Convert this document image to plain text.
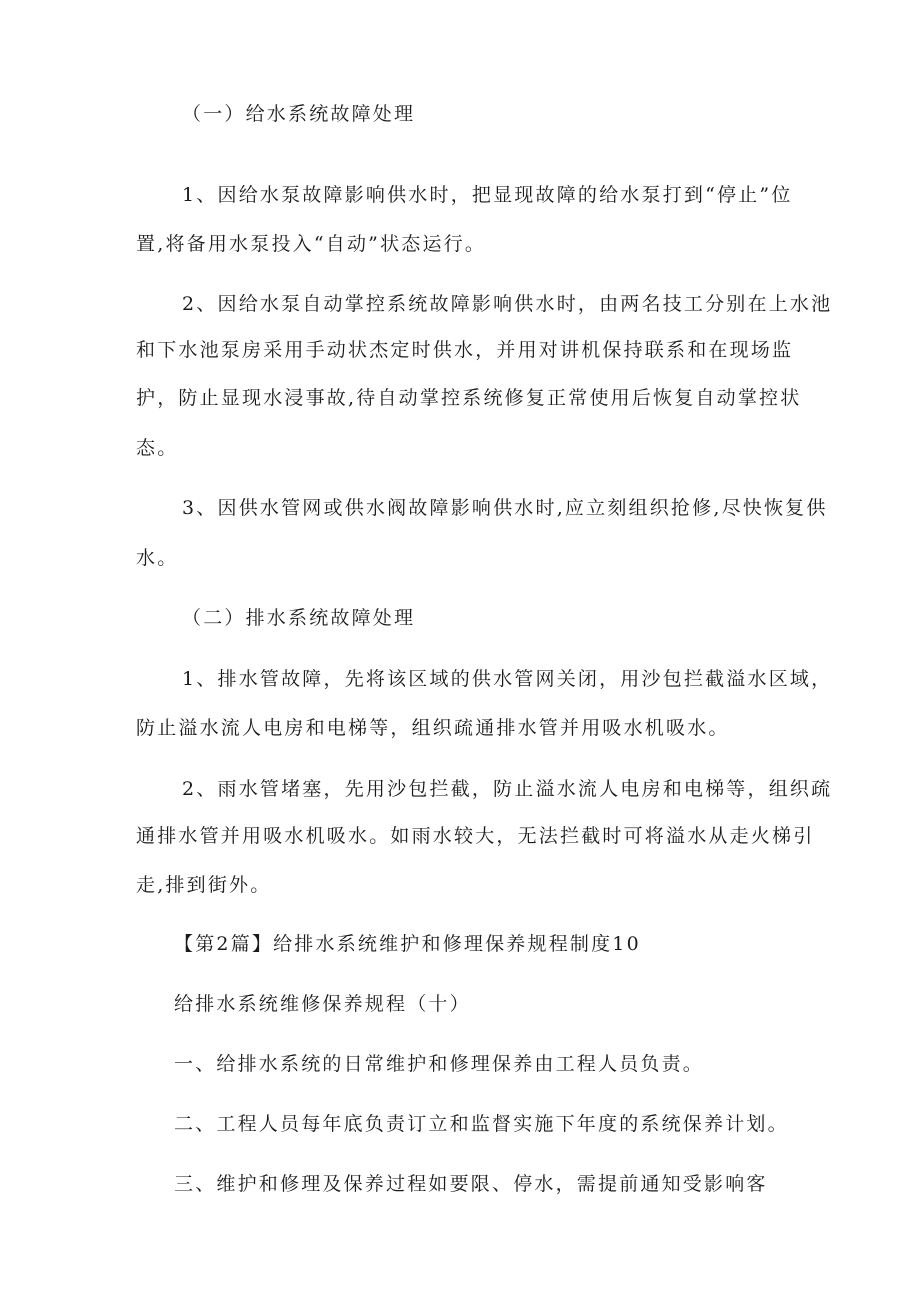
（一）给水系统故障处理
1、因给水泵故障影响供水时，把显现故障的给水泵打到“停止”位
置,将备用水泵投入“自动”状态运行。
2、因给水泵自动掌控系统故障影响供水时，由两名技工分别在上水池
和下水池泵房采用手动状杰定时供水，并用对讲机保持联系和在现场监
护，防止显现水浸事故,待自动掌控系统修复正常使用后恢复自动掌控状
态。
3、因供水管网或供水阀故障影响供水时,应立刻组织抢修,尽快恢复供
水。
（二）排水系统故障处理
1、排水管故障，先将该区域的供水管网关闭，用沙包拦截溢水区域，
防止溢水流人电房和电梯等，组织疏通排水管并用吸水机吸水。
2、雨水管堵塞，先用沙包拦截，防止溢水流人电房和电梯等，组织疏
通排水管并用吸水机吸水。如雨水较大，无法拦截时可将溢水从走火梯引
走,排到街外。
【第2篇】给排水系统维护和修理保养规程制度10
给排水系统维修保养规程（十）
一、给排水系统的日常维护和修理保养由工程人员负责。
二、工程人员每年底负责订立和监督实施下年度的系统保养计划。
三、维护和修理及保养过程如要限、停水，需提前通知受影响客
